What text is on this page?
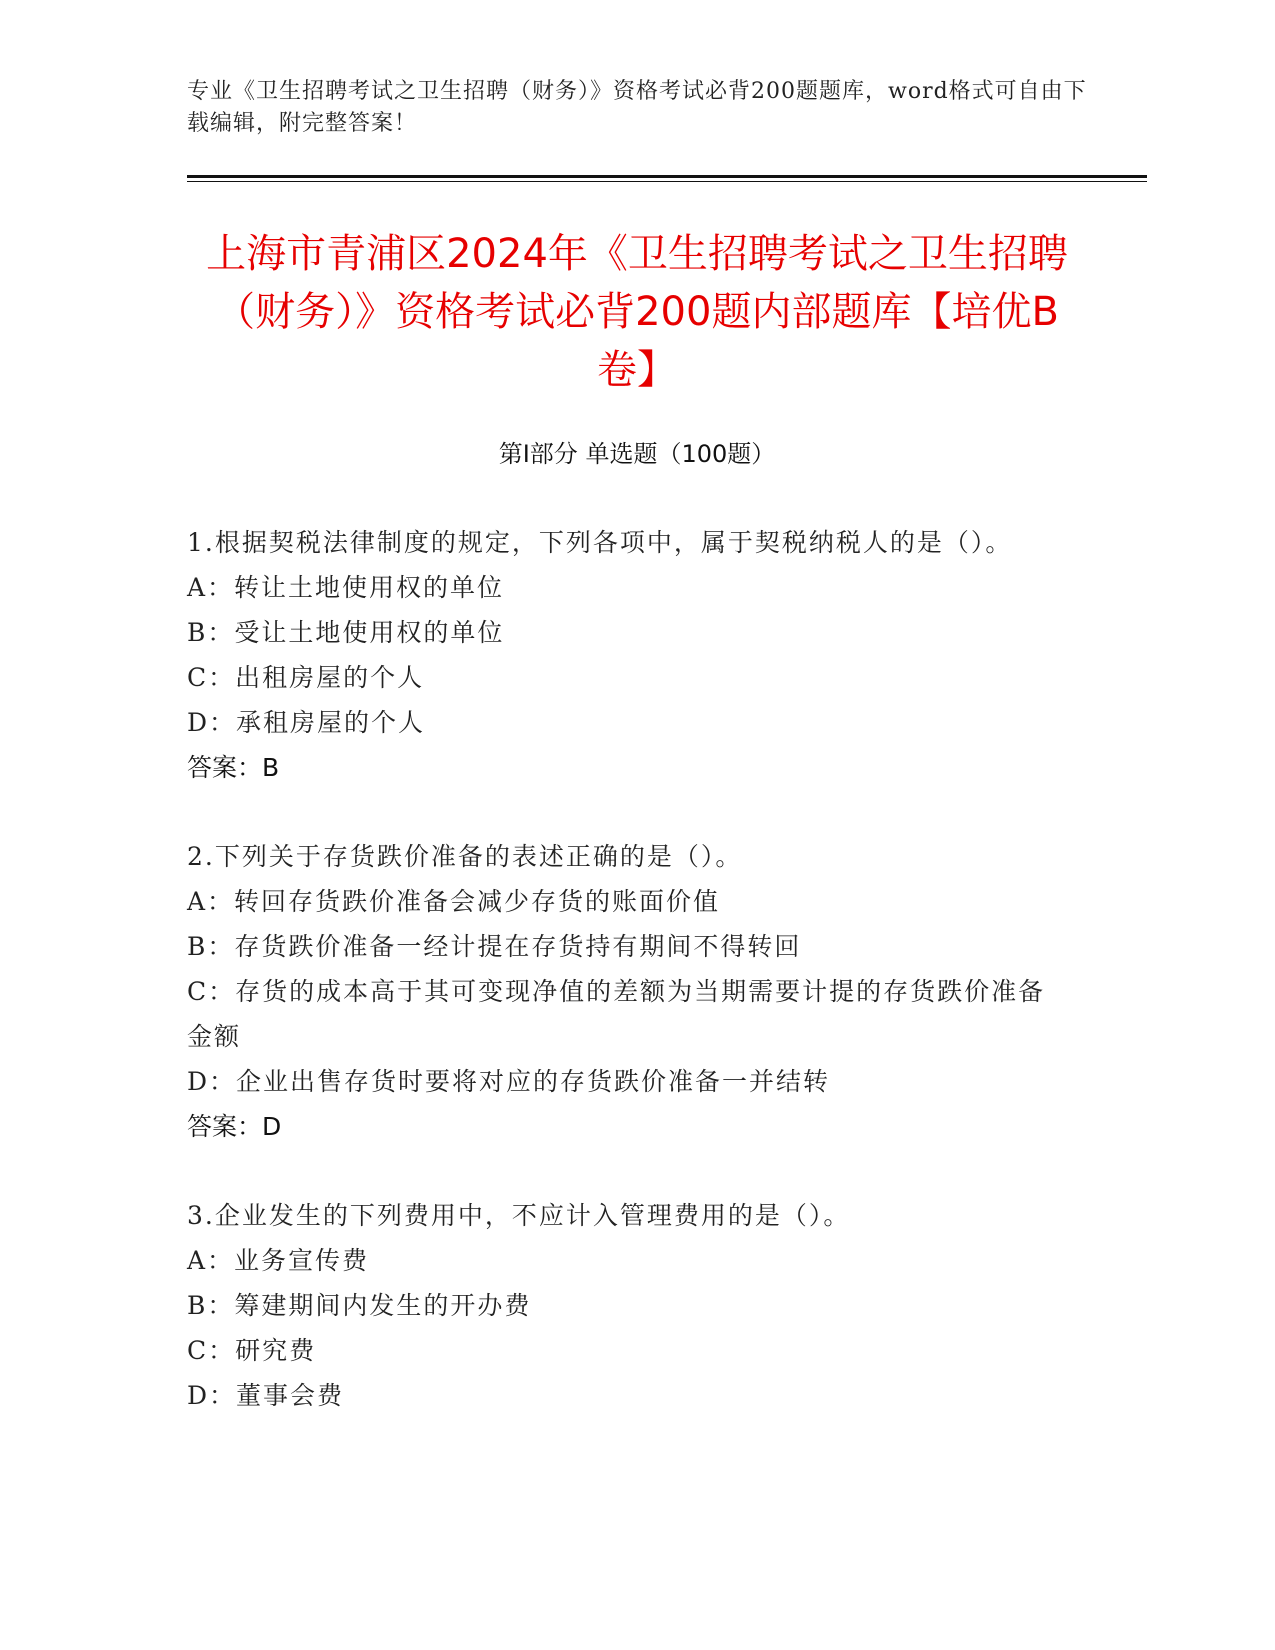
专业《卫生招聘考试之卫生招聘（财务）》资格考试必背200题题库，word格式可自由下载编辑，附完整答案！
上海市青浦区2024年《卫生招聘考试之卫生招聘（财务）》资格考试必背200题内部题库【培优B卷】
第I部分 单选题（100题）
1.根据契税法律制度的规定，下列各项中，属于契税纳税人的是（）。
A：转让土地使用权的单位
B：受让土地使用权的单位
C：出租房屋的个人
D：承租房屋的个人
答案：B
2.下列关于存货跌价准备的表述正确的是（）。
A：转回存货跌价准备会减少存货的账面价值
B：存货跌价准备一经计提在存货持有期间不得转回
C：存货的成本高于其可变现净值的差额为当期需要计提的存货跌价准备金额
D：企业出售存货时要将对应的存货跌价准备一并结转
答案：D
3.企业发生的下列费用中，不应计入管理费用的是（）。
A：业务宣传费
B：筹建期间内发生的开办费
C：研究费
D：董事会费
